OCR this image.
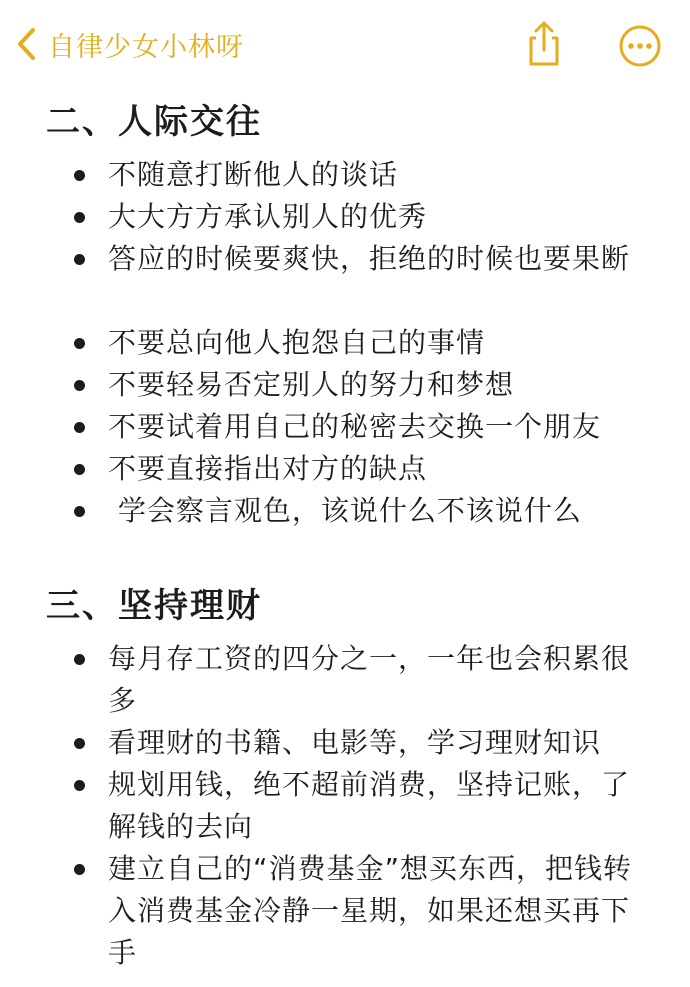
自律少女小林呀
二、人际交往
不随意打断他人的谈话
大大方方承认别人的优秀
答应的时候要爽快，拒绝的时候也要果断
不要总向他人抱怨自己的事情
不要轻易否定别人的努力和梦想
不要试着用自己的秘密去交换一个朋友
不要直接指出对方的缺点
学会察言观色，该说什么不该说什么
三、坚持理财
每月存工资的四分之一，一年也会积累很多
看理财的书籍、电影等，学习理财知识
规划用钱，绝不超前消费，坚持记账，了解钱的去向
建立自己的“消费基金”想买东西，把钱转入消费基金冷静一星期，如果还想买再下手
